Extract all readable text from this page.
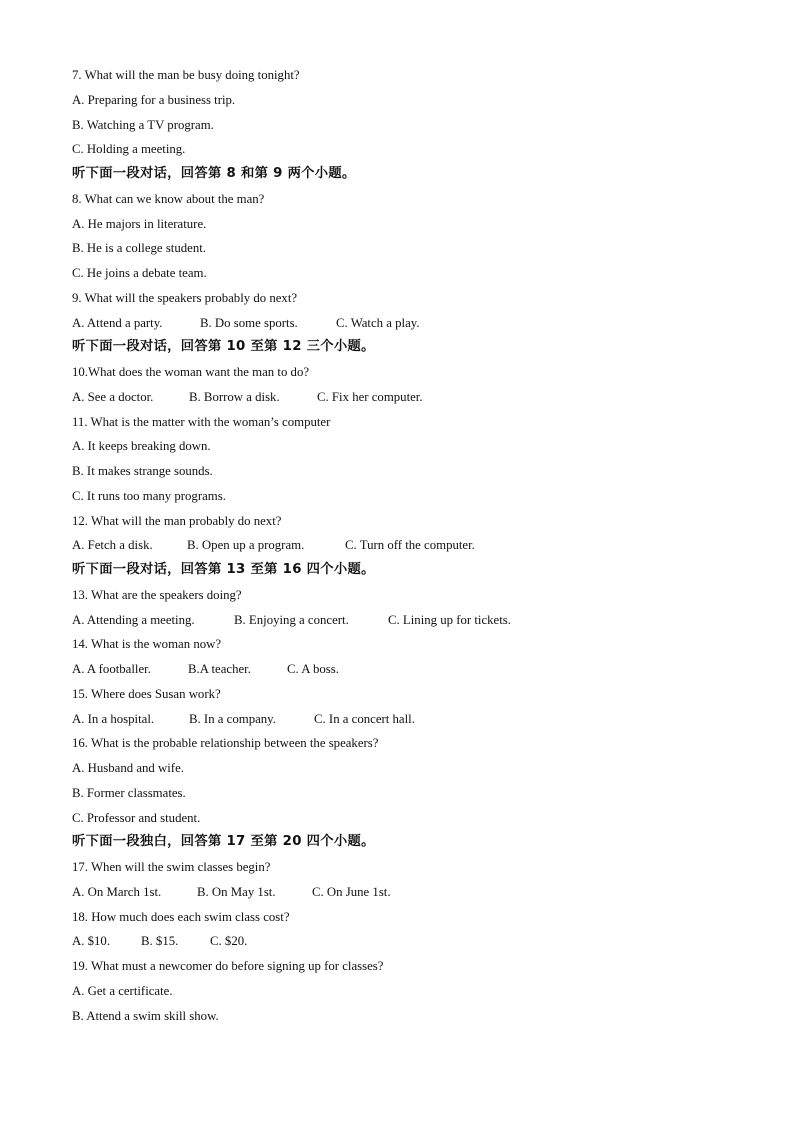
7. What will the man be busy doing tonight?
A. Preparing for a business trip.
B. Watching a TV program.
C. Holding a meeting.
听下面一段对话，回答第 8 和第 9 两个小题。
8. What can we know about the man?
A. He majors in literature.
B. He is a college student.
C. He joins a debate team.
9. What will the speakers probably do next?
A. Attend a party.	B. Do some sports.	C. Watch a play.
听下面一段对话，回答第 10 至第 12 三个小题。
10.What does the woman want the man to do?
A. See a doctor.	B. Borrow a disk.	C. Fix her computer.
11. What is the matter with the woman’s computer
A. It keeps breaking down.
B. It makes strange sounds.
C. It runs too many programs.
12. What will the man probably do next?
A. Fetch a disk.	B. Open up a program.	C. Turn off the computer.
听下面一段对话，回答第 13 至第 16 四个小题。
13. What are the speakers doing?
A. Attending a meeting.	B. Enjoying a concert.	C. Lining up for tickets.
14. What is the woman now?
A. A footballer.	B.A teacher.	C. A boss.
15. Where does Susan work?
A. In a hospital.	B. In a company.	C. In a concert hall.
16. What is the probable relationship between the speakers?
A. Husband and wife.
B. Former classmates.
C. Professor and student.
听下面一段独白，回答第 17 至第 20 四个小题。
17. When will the swim classes begin?
A. On March 1st.	B. On May 1st.	C. On June 1st.
18. How much does each swim class cost?
A. $10. B. $15. C. $20.
19. What must a newcomer do before signing up for classes?
A. Get a certificate.
B. Attend a swim skill show.
